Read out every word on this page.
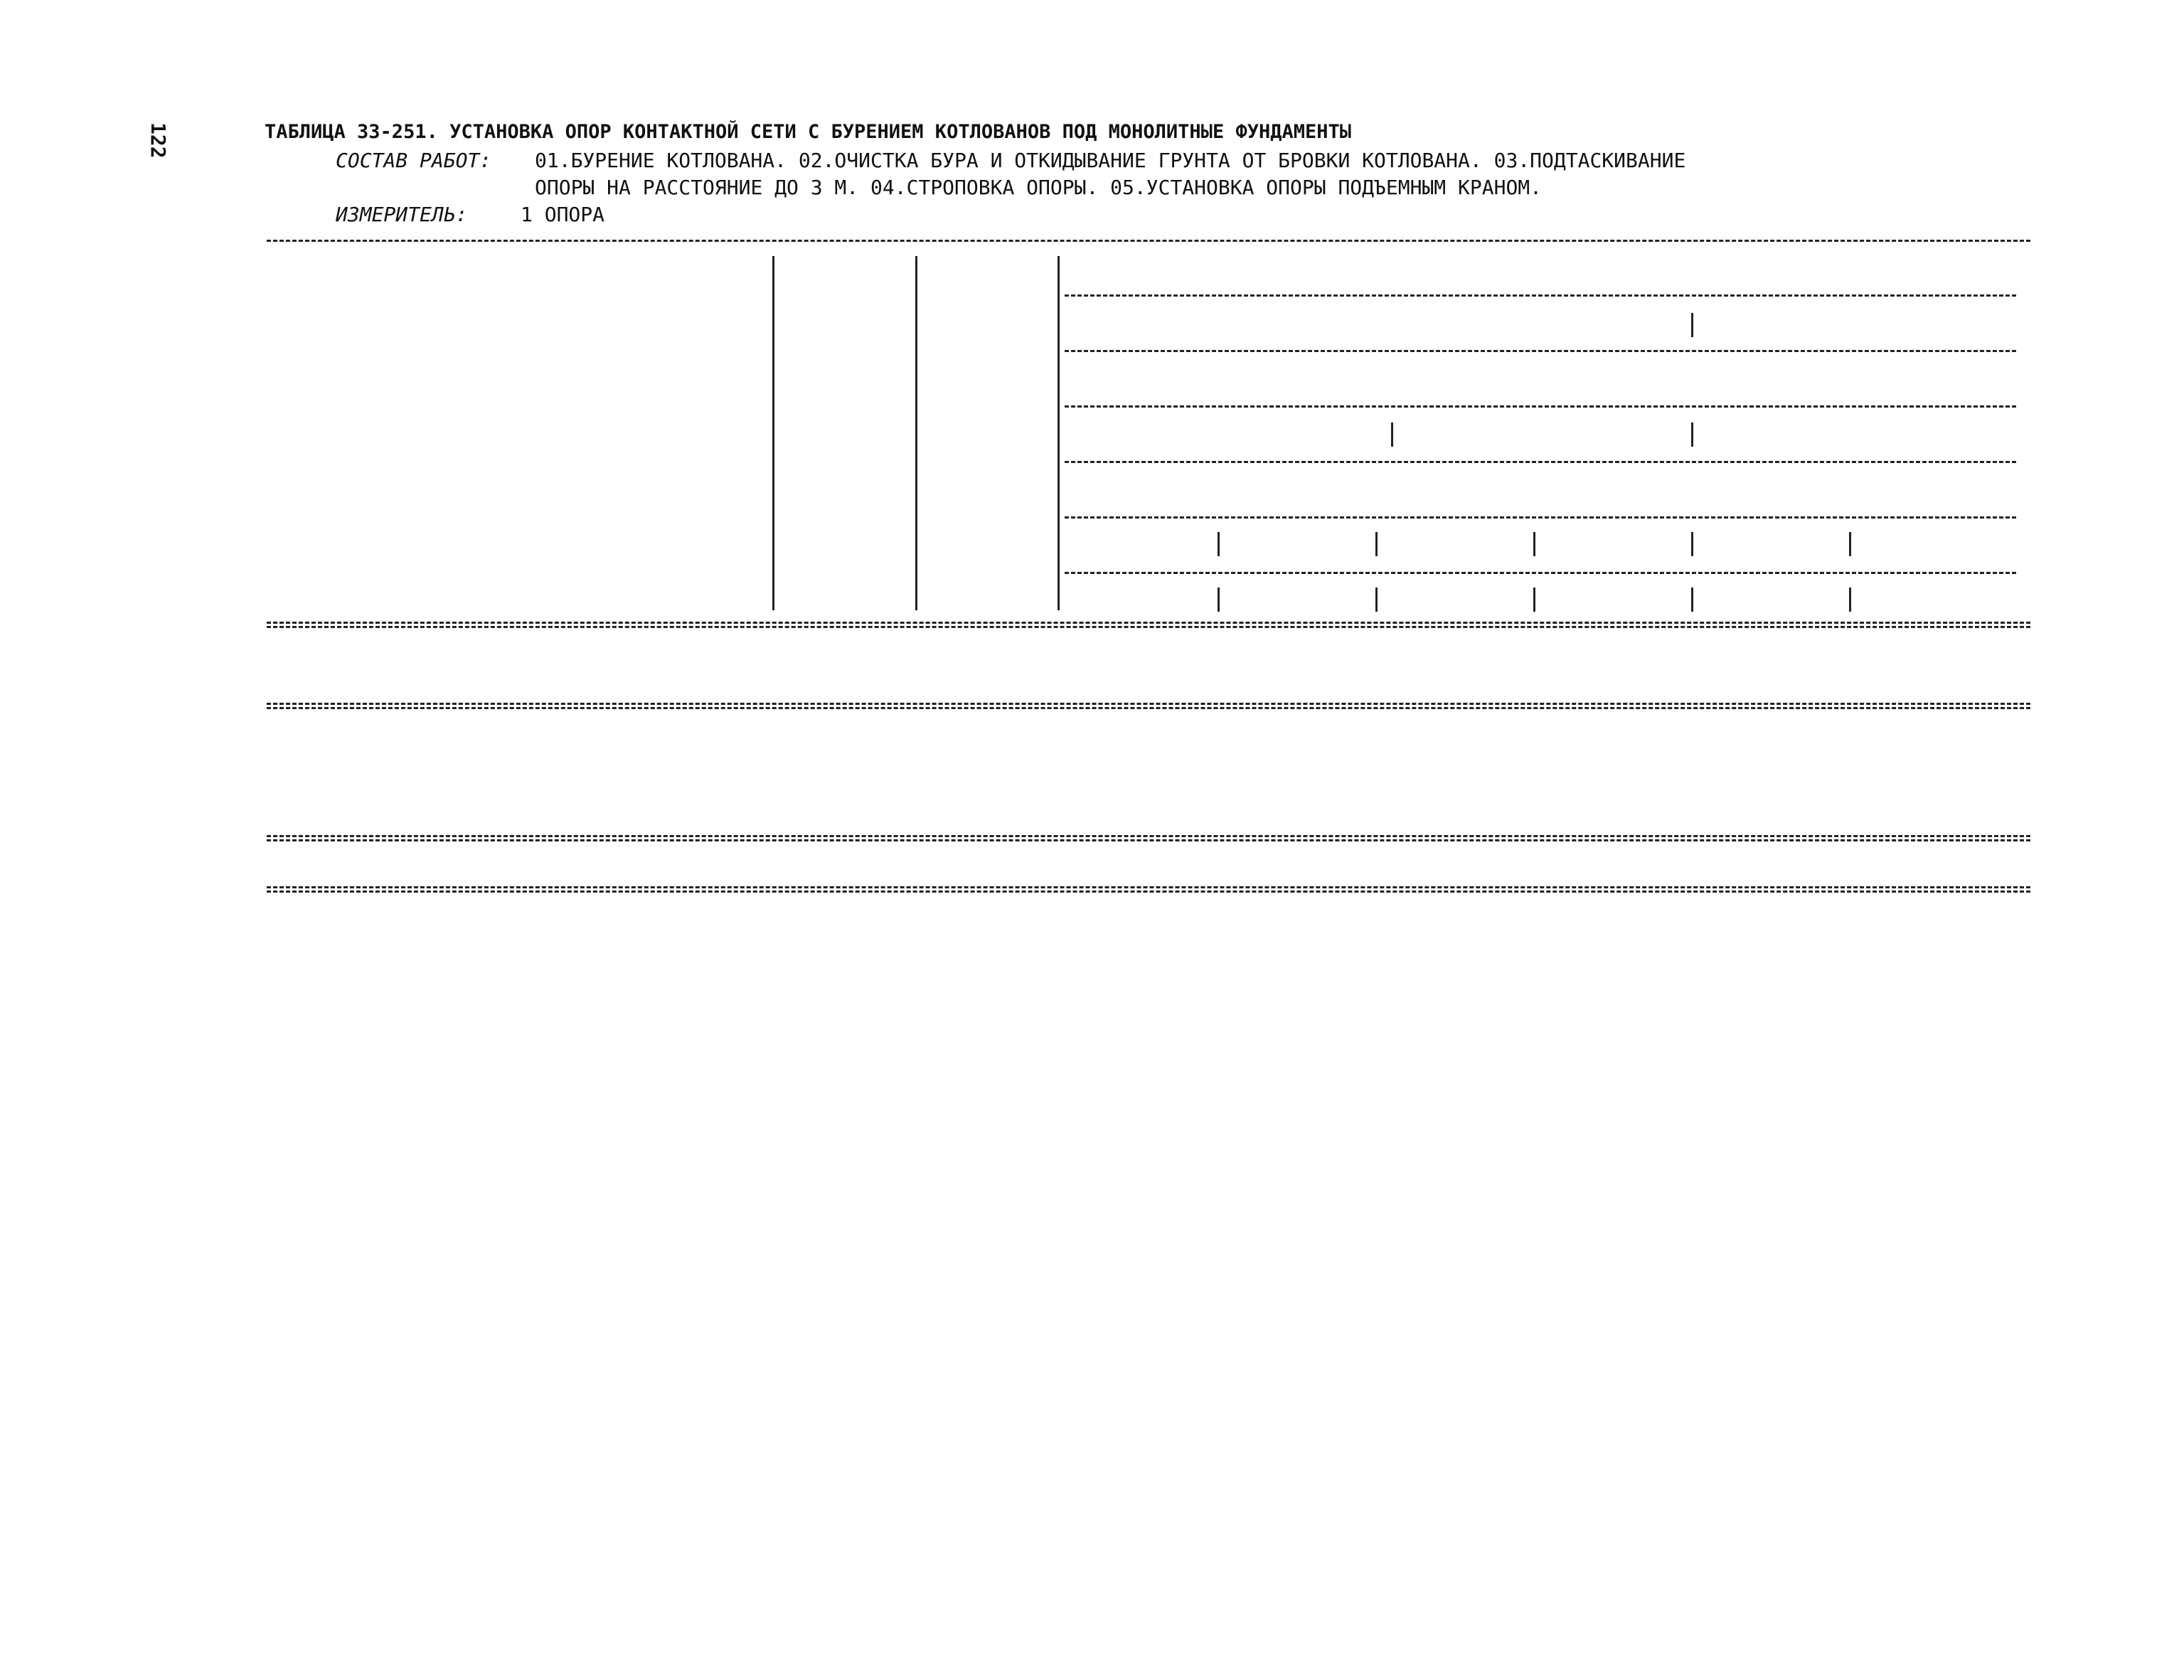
122	ТАБЛИЦА 33-251. УСТАНОВКА ОПОР КОНТАКТНОЙ СЕТИ С БУРЕНИЕМ КОТЛОВАНОВ ПОД МОНОЛИТНЫЕ ФУНДАМЕНТЫ
СОСТАВ РАБОТ: 01.БУРЕНИЕ КОТЛОВАНА. 02.ОЧИСТКА БУРА И ОТКИДЫВАНИЕ ГРУНТА ОТ БРОВКИ КОТЛОВАНА. 03.ПОДТАСКИВАНИЕ
ОПОРЫ НА РАССТОЯНИЕ ДО 3 М. 04.СТРОПОВКА ОПОРЫ. 05.УСТАНОВКА ОПОРЫ ПОДЪЕМНЫМ КРАНОМ.
ИЗМЕРИТЕЛЬ:	1 ОПОРА
